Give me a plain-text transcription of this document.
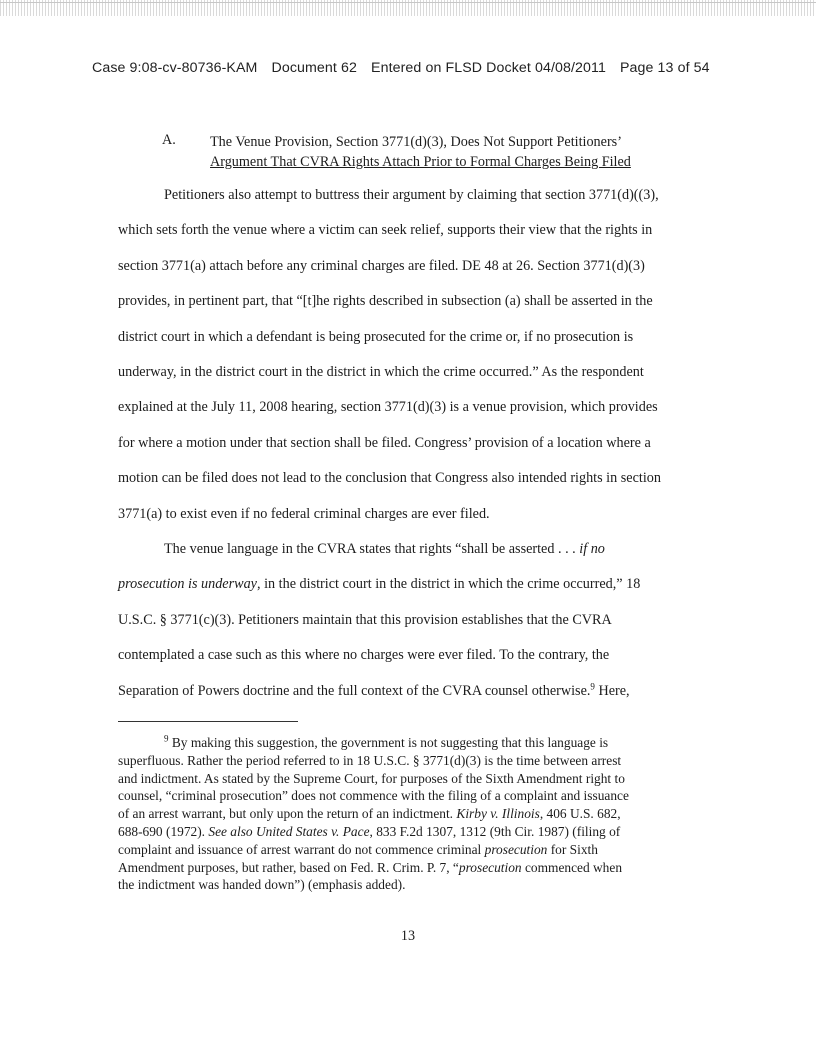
Case 9:08-cv-80736-KAM Document 62 Entered on FLSD Docket 04/08/2011 Page 13 of 54
A. The Venue Provision, Section 3771(d)(3), Does Not Support Petitioners’
Argument That CVRA Rights Attach Prior to Formal Charges Being Filed

Petitioners also attempt to buttress their argument by claiming that section 3771(d)((3),
which sets forth the venue where a victim can seek relief, supports their view that the rights in
section 3771(a) attach before any criminal charges are filed. DE 48 at 26. Section 3771(d)(3)
provides, in pertinent part, that “[t]he rights described in subsection (a) shall be asserted in the
district court in which a defendant is being prosecuted for the crime or, if no prosecution is
underway, in the district court in the district in which the crime occurred.” As the respondent
explained at the July 11, 2008 hearing, section 3771(d)(3) is a venue provision, which provides
for where a motion under that section shall be filed. Congress’ provision of a location where a
motion can be filed does not lead to the conclusion that Congress also intended rights in section
3771(a) to exist even if no federal criminal charges are ever filed.

The venue language in the CVRA states that rights “shall be asserted . . . if no
prosecution is underway, in the district court in the district in which the crime occurred,” 18
U.S.C. § 3771(c)(3). Petitioners maintain that this provision establishes that the CVRA
contemplated a case such as this where no charges were ever filed. To the contrary, the
Separation of Powers doctrine and the full context of the CVRA counsel otherwise.$^9$ Here,

$^9$ By making this suggestion, the government is not suggesting that this language is
superfluous. Rather the period referred to in 18 U.S.C. § 3771(d)(3) is the time between arrest
and indictment. As stated by the Supreme Court, for purposes of the Sixth Amendment right to
counsel, “criminal prosecution” does not commence with the filing of a complaint and issuance
of an arrest warrant, but only upon the return of an indictment. Kirby v. Illinois, 406 U.S. 682,
688-690 (1972). See also United States v. Pace, 833 F.2d 1307, 1312 (9th Cir. 1987) (filing of
complaint and issuance of arrest warrant do not commence criminal prosecution for Sixth
Amendment purposes, but rather, based on Fed. R. Crim. P. 7, “prosecution commenced when
the indictment was handed down”) (emphasis added).
13
